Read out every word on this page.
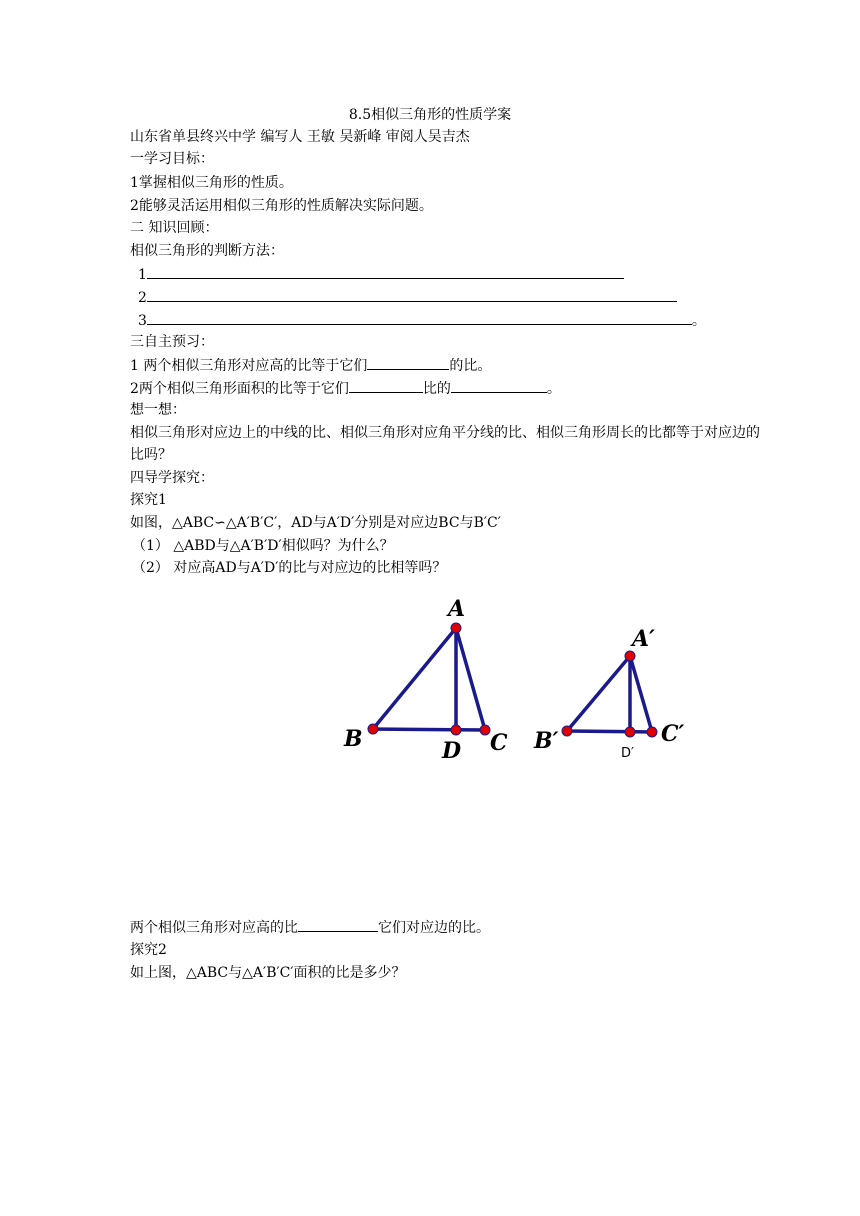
8.5相似三角形的性质学案
山东省单县终兴中学 编写人 王敏 吴新峰 审阅人吴吉杰
一学习目标：
1掌握相似三角形的性质。
2能够灵活运用相似三角形的性质解决实际问题。
二 知识回顾：
相似三角形的判断方法：
1
2
3	。
三自主预习：
1 两个相似三角形对应高的比等于它们	的比。
2两个相似三角形面积的比等于它们	比的	。
想一想：
相似三角形对应边上的中线的比、相似三角形对应角平分线的比、相似三角形周长的比都等于对应边的比吗？
四导学探究：
探究1
如图，△ABC∽△A′B′C′，AD与A′D′分别是对应边BC与B′C′
（1） △ABD与△A′B′D′相似吗？为什么？
（2） 对应高AD与A′D′的比与对应边的比相等吗？
A
B	D C
A′
B′	D′
C′
两个相似三角形对应高的比	它们对应边的比。
探究2
如上图，△ABC与△A′B′C′面积的比是多少？
